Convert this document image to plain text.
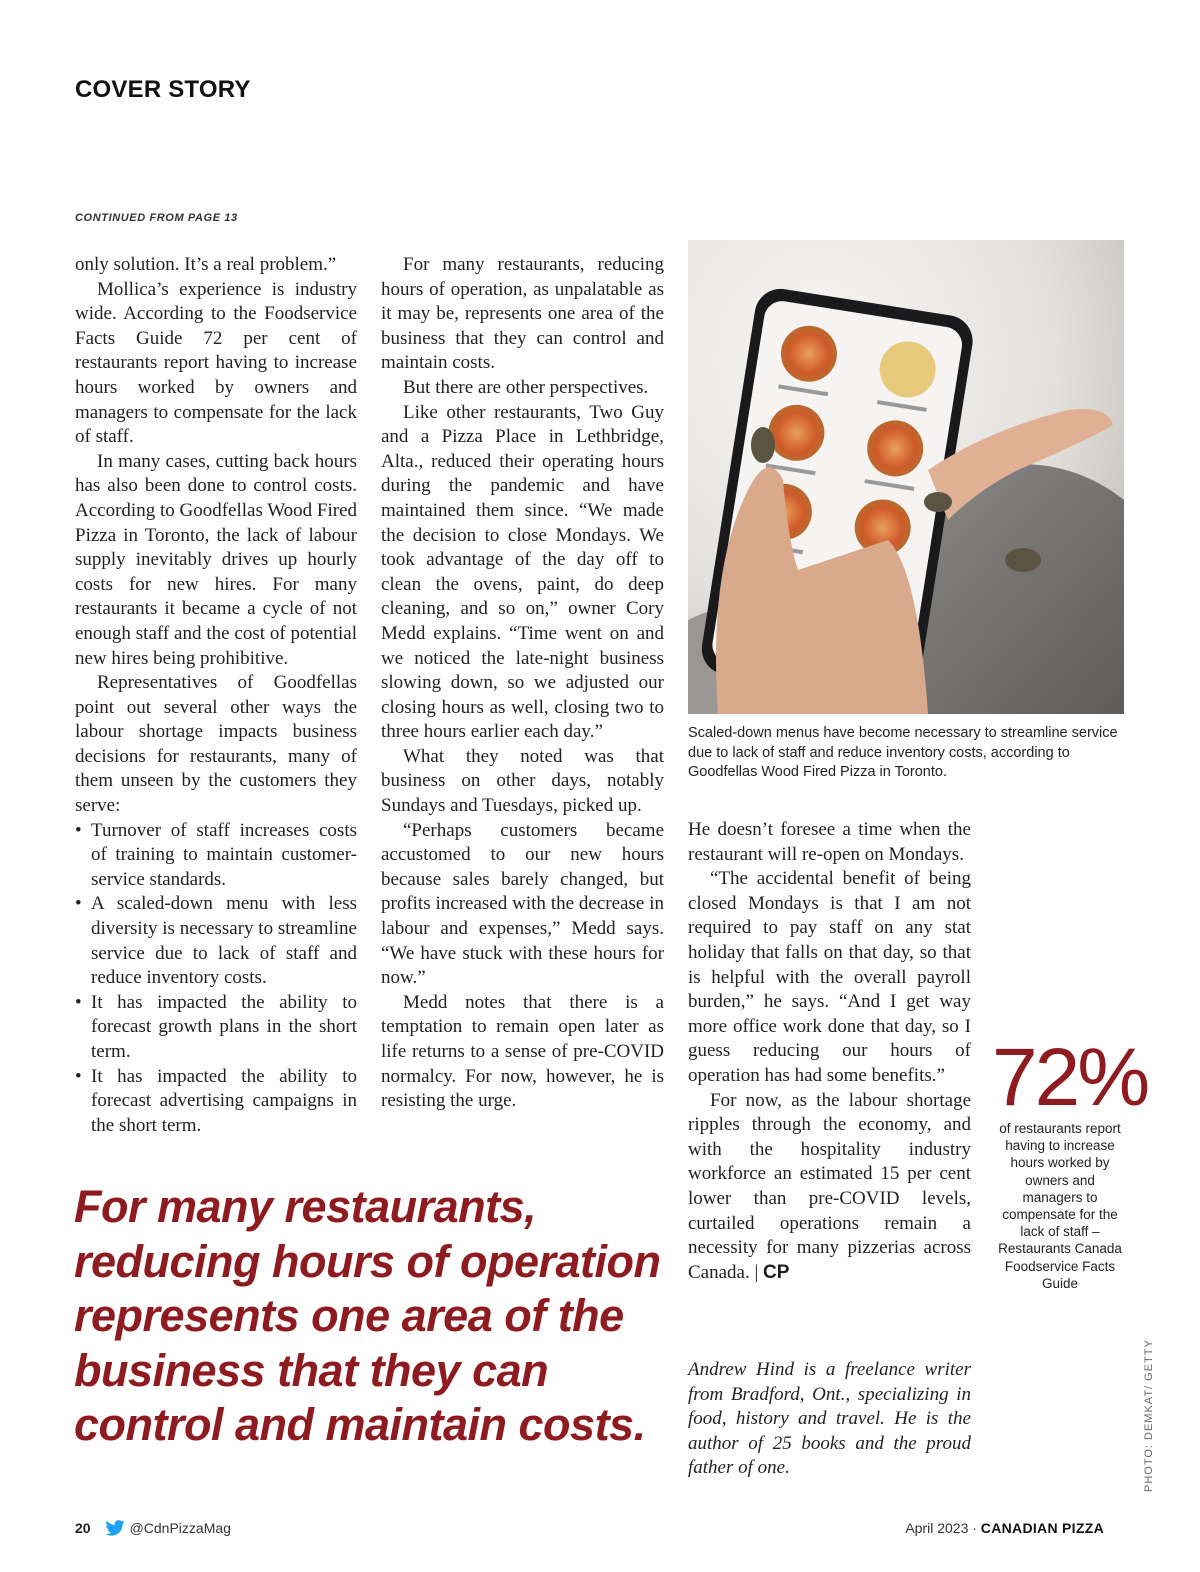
COVER STORY
CONTINUED FROM PAGE 13

only solution. It’s a real problem.”

Mollica’s experience is industry wide. According to the Foodservice Facts Guide 72 per cent of restaurants report having to increase hours worked by owners and managers to compensate for the lack of staff.

In many cases, cutting back hours has also been done to control costs. According to Goodfellas Wood Fired Pizza in Toronto, the lack of labour supply inevitably drives up hourly costs for new hires. For many restaurants it became a cycle of not enough staff and the cost of potential new hires being prohibitive.

Representatives of Goodfellas point out several other ways the labour shortage impacts business decisions for restaurants, many of them unseen by the customers they serve:

• Turnover of staff increases costs of training to maintain customer-service standards.
• A scaled-down menu with less diversity is necessary to streamline service due to lack of staff and reduce inventory costs.
• It has impacted the ability to forecast growth plans in the short term.
• It has impacted the ability to forecast advertising campaigns in the short term.

For many restaurants, reducing hours of operation, as unpalatable as it may be, represents one area of the business that they can control and maintain costs.

But there are other perspectives.

Like other restaurants, Two Guy and a Pizza Place in Lethbridge, Alta., reduced their operating hours during the pandemic and have maintained them since. “We made the decision to close Mondays. We took advantage of the day off to clean the ovens, paint, do deep cleaning, and so on,” owner Cory Medd explains. “Time went on and we noticed the late-night business slowing down, so we adjusted our closing hours as well, closing two to three hours earlier each day.”

What they noted was that business on other days, notably Sundays and Tuesdays, picked up.

“Perhaps customers became accustomed to our new hours because sales barely changed, but profits increased with the decrease in labour and expenses,” Medd says. “We have stuck with these hours for now.”

Medd notes that there is a temptation to remain open later as life returns to a sense of pre-COVID normalcy. For now, however, he is resisting the urge.

Scaled-down menus have become necessary to streamline service due to lack of staff and reduce inventory costs, according to Goodfellas Wood Fired Pizza in Toronto.

He doesn’t foresee a time when the restaurant will re-open on Mondays.

“The accidental benefit of being closed Mondays is that I am not required to pay staff on any stat holiday that falls on that day, so that is helpful with the overall payroll burden,” he says. “And I get way more office work done that day, so I guess reducing our hours of operation has had some benefits.”

For now, as the labour shortage ripples through the economy, and with the hospitality industry workforce an estimated 15 per cent lower than pre-COVID levels, curtailed operations remain a necessity for many pizzerias across Canada. | CP

For many restaurants, reducing hours of operation represents one area of the business that they can control and maintain costs.
72%
of restaurants report having to increase hours worked by owners and managers to compensate for the lack of staff – Restaurants Canada Foodservice Facts Guide
Andrew Hind is a freelance writer from Bradford, Ont., specializing in food, history and travel. He is the author of 25 books and the proud father of one.	PHOTO: DEMKAT/ GETTY
20	@CdnPizzaMag	April 2023 · CANADIAN PIZZA
